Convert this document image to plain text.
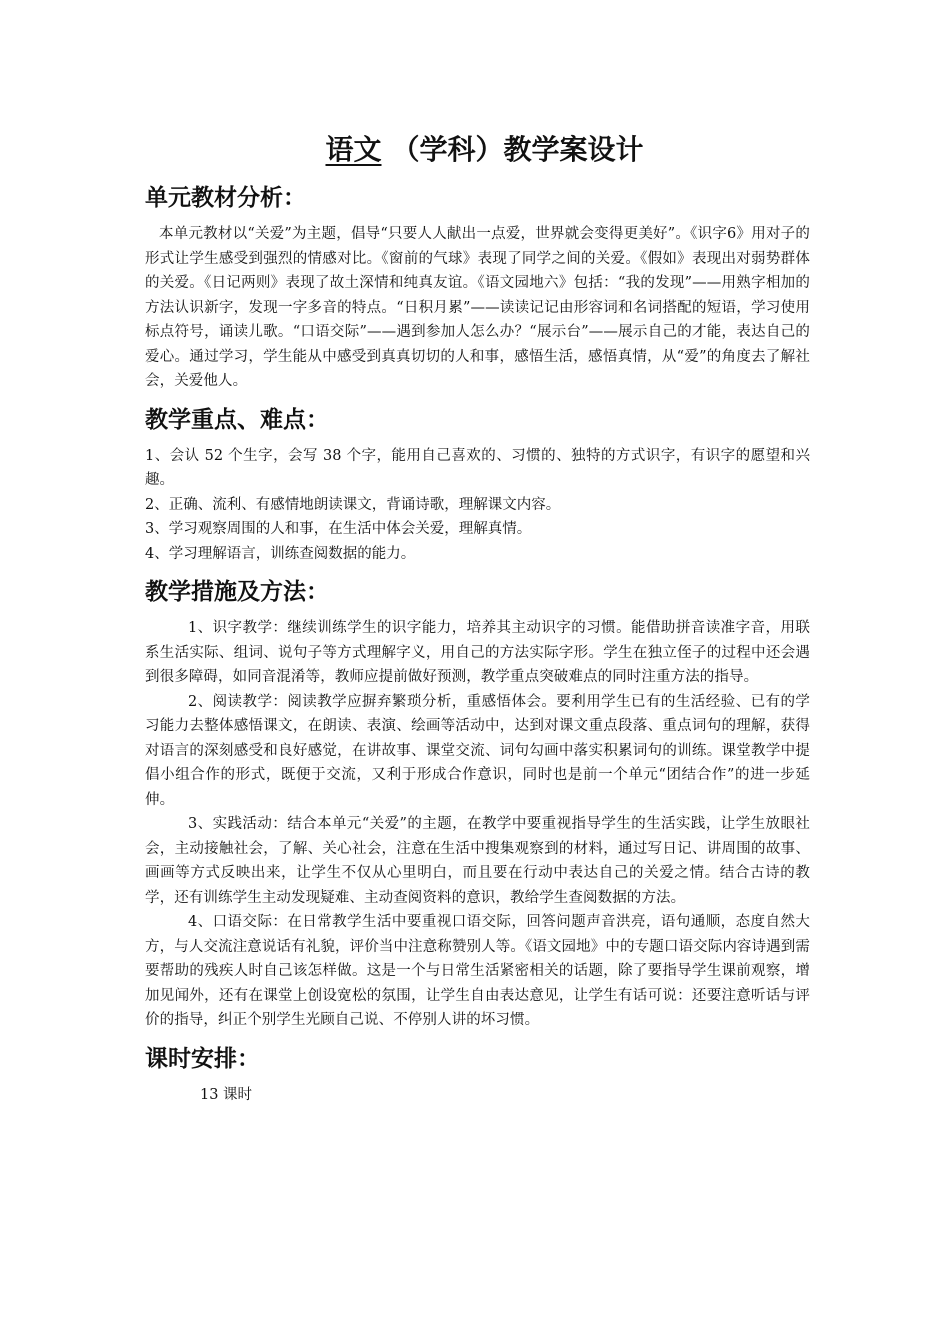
语文 （学科）教学案设计
单元教材分析：

本单元教材以“关爱”为主题，倡导“只要人人献出一点爱，世界就会变得更美好”。《识字6》用对子的形式让学生感受到强烈的情感对比。《窗前的气球》表现了同学之间的关爱。《假如》表现出对弱势群体的关爱。《日记两则》表现了故土深情和纯真友谊。《语文园地六》包括：“我的发现”——用熟字相加的方法认识新字，发现一字多音的特点。“日积月累”——读读记记由形容词和名词搭配的短语，学习使用标点符号，诵读儿歌。“口语交际”——遇到参加人怎么办？“展示台”——展示自己的才能，表达自己的爱心。通过学习，学生能从中感受到真真切切的人和事，感悟生活，感悟真情，从“爱”的角度去了解社会，关爱他人。

教学重点、难点：

1、会认 52 个生字，会写 38 个字，能用自己喜欢的、习惯的、独特的方式识字，有识字的愿望和兴趣。

2、正确、流利、有感情地朗读课文，背诵诗歌，理解课文内容。

3、学习观察周围的人和事，在生活中体会关爱，理解真情。

4、学习理解语言，训练查阅数据的能力。

教学措施及方法：

1、识字教学：继续训练学生的识字能力，培养其主动识字的习惯。能借助拼音读准字音，用联系生活实际、组词、说句子等方式理解字义，用自己的方法实际字形。学生在独立侄子的过程中还会遇到很多障碍，如同音混淆等，教师应提前做好预测，教学重点突破难点的同时注重方法的指导。

2、阅读教学：阅读教学应摒弃繁琐分析，重感悟体会。要利用学生已有的生活经验、已有的学习能力去整体感悟课文，在朗读、表演、绘画等活动中，达到对课文重点段落、重点词句的理解，获得对语言的深刻感受和良好感觉，在讲故事、课堂交流、词句勾画中落实积累词句的训练。课堂教学中提倡小组合作的形式，既便于交流，又利于形成合作意识，同时也是前一个单元“团结合作”的进一步延伸。

3、实践活动：结合本单元“关爱”的主题，在教学中要重视指导学生的生活实践，让学生放眼社会，主动接触社会，了解、关心社会，注意在生活中搜集观察到的材料，通过写日记、讲周围的故事、画画等方式反映出来，让学生不仅从心里明白，而且要在行动中表达自己的关爱之情。结合古诗的教学，还有训练学生主动发现疑难、主动查阅资料的意识，教给学生查阅数据的方法。

4、口语交际：在日常教学生活中要重视口语交际，回答问题声音洪亮，语句通顺，态度自然大方，与人交流注意说话有礼貌，评价当中注意称赞别人等。《语文园地》中的专题口语交际内容诗遇到需要帮助的残疾人时自己该怎样做。这是一个与日常生活紧密相关的话题，除了要指导学生课前观察，增加见闻外，还有在课堂上创设宽松的氛围，让学生自由表达意见，让学生有话可说：还要注意听话与评价的指导，纠正个别学生光顾自己说、不停别人讲的坏习惯。

课时安排：
13 课时
